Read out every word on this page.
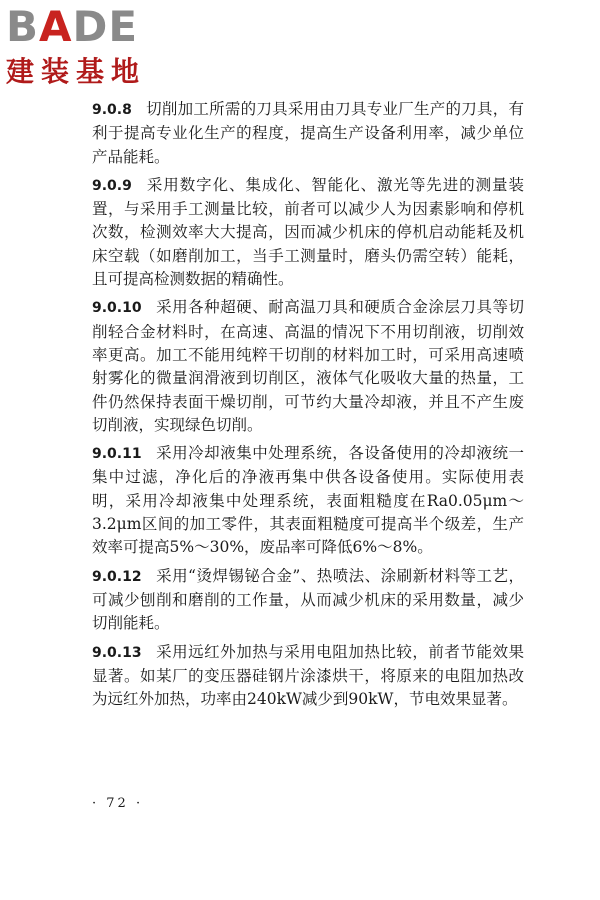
BADE
建装基地

9.0.8 切削加工所需的刀具采用由刀具专业厂生产的刀具，有利于提高专业化生产的程度，提高生产设备利用率，减少单位产品能耗。

9.0.9 采用数字化、集成化、智能化、激光等先进的测量装置，与采用手工测量比较，前者可以减少人为因素影响和停机次数，检测效率大大提高，因而减少机床的停机启动能耗及机床空载（如磨削加工，当手工测量时，磨头仍需空转）能耗，且可提高检测数据的精确性。

9.0.10 采用各种超硬、耐高温刀具和硬质合金涂层刀具等切削轻合金材料时，在高速、高温的情况下不用切削液，切削效率更高。加工不能用纯粹干切削的材料加工时，可采用高速喷射雾化的微量润滑液到切削区，液体气化吸收大量的热量，工件仍然保持表面干燥切削，可节约大量冷却液，并且不产生废切削液，实现绿色切削。

9.0.11 采用冷却液集中处理系统，各设备使用的冷却液统一集中过滤，净化后的净液再集中供各设备使用。实际使用表明，采用冷却液集中处理系统，表面粗糙度在Ra0.05μm～3.2μm区间的加工零件，其表面粗糙度可提高半个级差，生产效率可提高5%～30%，废品率可降低6%～8%。

9.0.12 采用“烫焊锡铋合金”、热喷法、涂刷新材料等工艺，可减少刨削和磨削的工作量，从而减少机床的采用数量，减少切削能耗。

9.0.13 采用远红外加热与采用电阻加热比较，前者节能效果显著。如某厂的变压器硅钢片涂漆烘干，将原来的电阻加热改为远红外加热，功率由240kW减少到90kW，节电效果显著。

· 72 ·
